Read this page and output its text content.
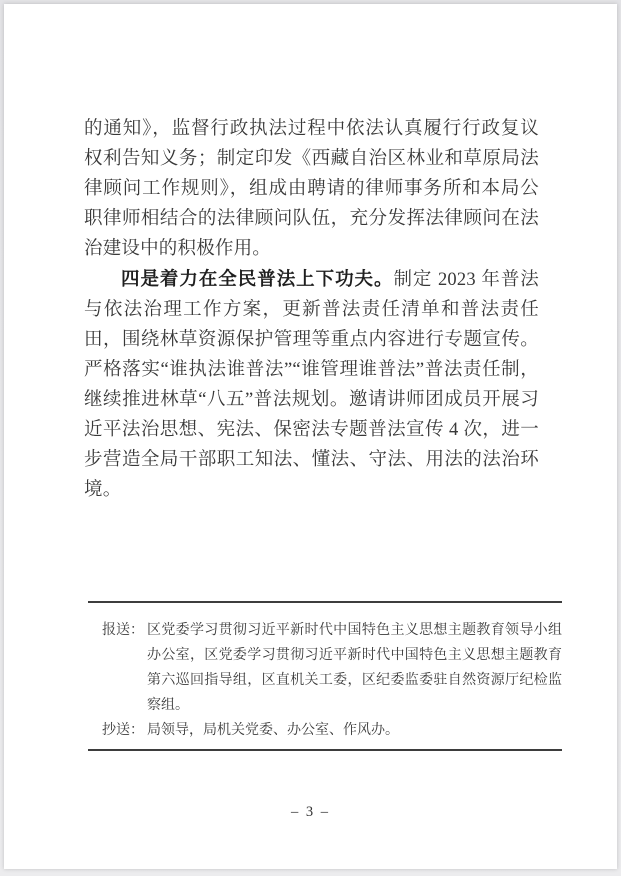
的通知》，监督行政执法过程中依法认真履行行政复议权利告知义务；制定印发《西藏自治区林业和草原局法律顾问工作规则》，组成由聘请的律师事务所和本局公职律师相结合的法律顾问队伍，充分发挥法律顾问在法治建设中的积极作用。

四是着力在全民普法上下功夫。制定 2023 年普法与依法治理工作方案，更新普法责任清单和普法责任田，围绕林草资源保护管理等重点内容进行专题宣传。严格落实“谁执法谁普法”“谁管理谁普法”普法责任制，继续推进林草“八五”普法规划。邀请讲师团成员开展习近平法治思想、宪法、保密法专题普法宣传 4 次，进一步营造全局干部职工知法、懂法、守法、用法的法治环境。

报送： 区党委学习贯彻习近平新时代中国特色主义思想主题教育领导小组办公室，区党委学习贯彻习近平新时代中国特色主义思想主题教育第六巡回指导组，区直机关工委，区纪委监委驻自然资源厅纪检监察组。
抄送： 局领导，局机关党委、办公室、作风办。
– 3 –
